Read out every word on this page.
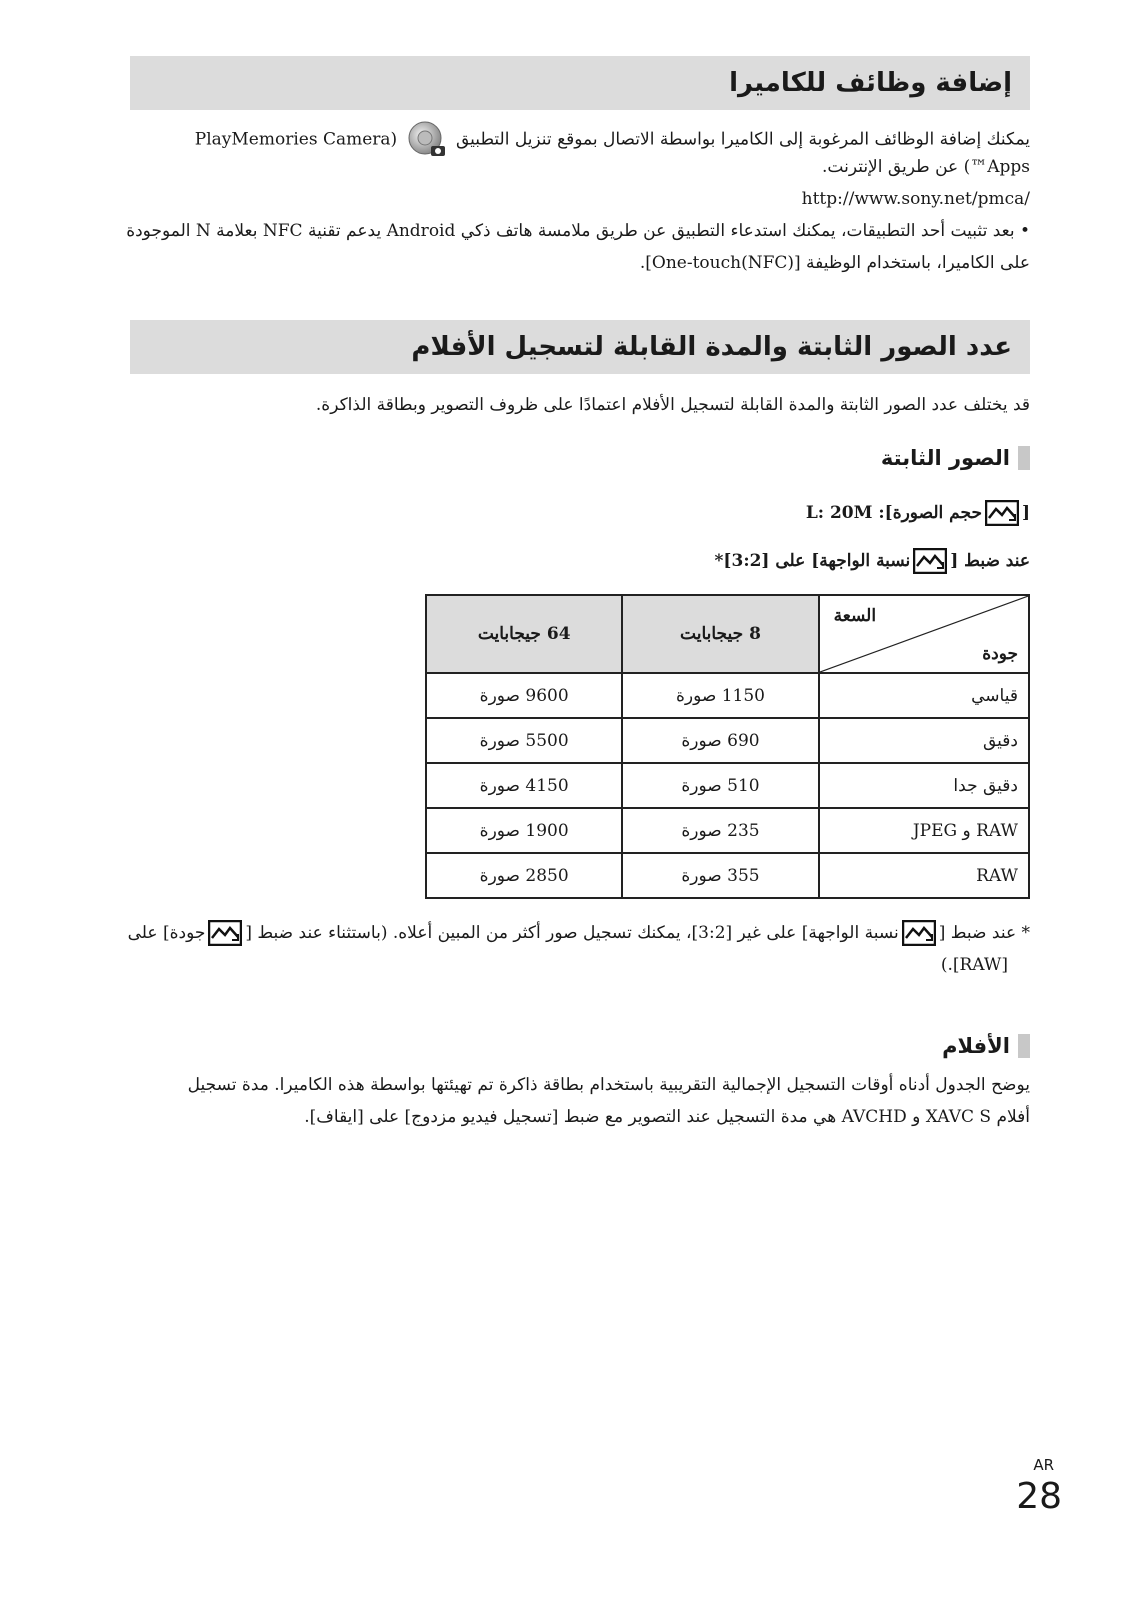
إضافة وظائف للكاميرا
يمكنك إضافة الوظائف المرغوبة إلى الكاميرا بواسطة الاتصال بموقع تنزيل التطبيق  PlayMemories Camera)
Apps™) عن طريق الإنترنت.
http://www.sony.net/pmca/
• بعد تثبيت أحد التطبيقات، يمكنك استدعاء التطبيق عن طريق ملامسة هاتف ذكي Android يدعم تقنية NFC بعلامة N الموجودة
على الكاميرا، باستخدام الوظيفة [One-touch(NFC)].
عدد الصور الثابتة والمدة القابلة لتسجيل الأفلام
قد يختلف عدد الصور الثابتة والمدة القابلة لتسجيل الأفلام اعتمادًا على ظروف التصوير وبطاقة الذاكرة.
الصور الثابتة
[
حجم الصورة]: L: 20M
عند ضبط [
نسبة الواجهة] على [3:2]*
السعة
جودة	8 جيجابايت	64 جيجابايت
قياسي	1150 صورة	9600 صورة
دقيق	690 صورة	5500 صورة
دقيق جدا	510 صورة	4150 صورة
RAW و JPEG	235 صورة	1900 صورة
RAW	355 صورة	2850 صورة
* عند ضبط [
نسبة الواجهة] على غير [3:2]، يمكنك تسجيل صور أكثر من المبين أعلاه. (باستثناء عند ضبط [
جودة] على
[RAW].)
الأفلام
يوضح الجدول أدناه أوقات التسجيل الإجمالية التقريبية باستخدام بطاقة ذاكرة تم تهيئتها بواسطة هذه الكاميرا. مدة تسجيل
أفلام XAVC S و AVCHD هي مدة التسجيل عند التصوير مع ضبط [تسجيل فيديو مزدوج] على [ايقاف].
AR
28
